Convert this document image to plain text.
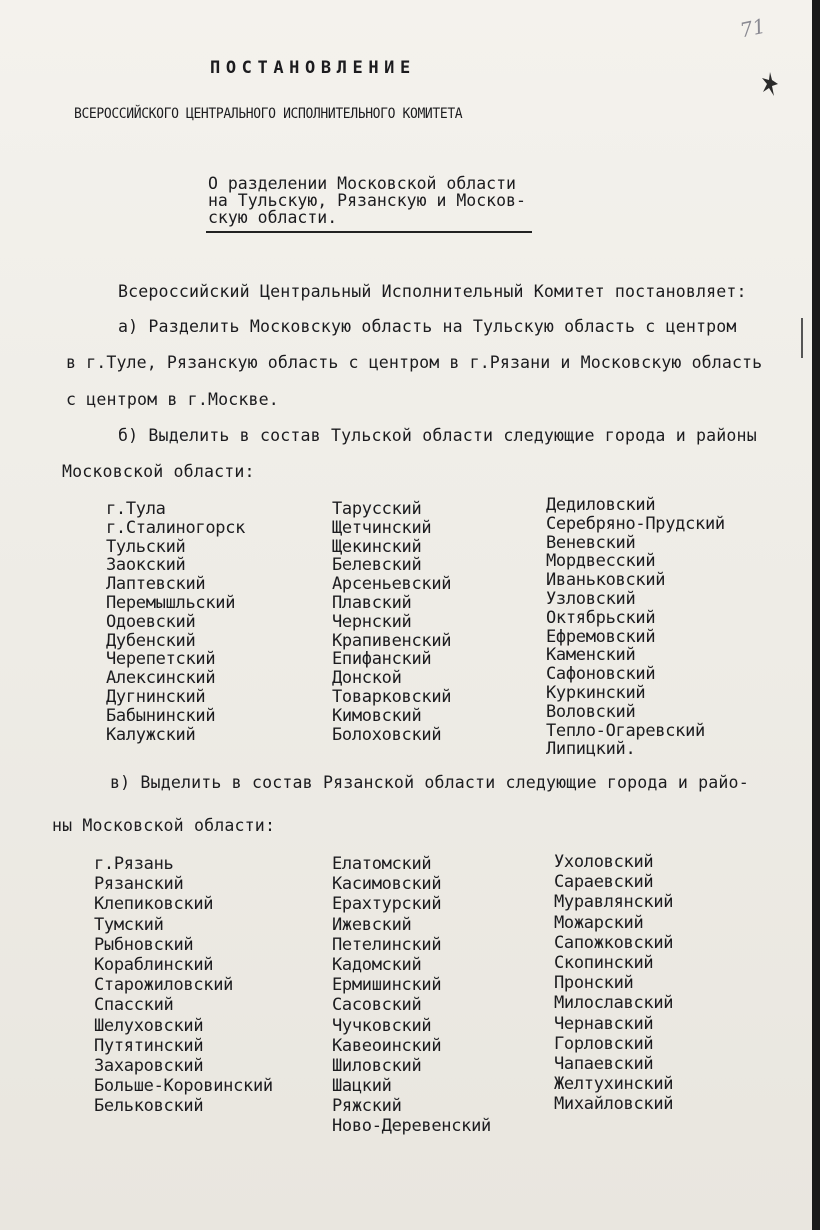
71
ПОСТАНОВЛЕНИЕ
ВСЕРОССИЙСКОГО ЦЕНТРАЛЬНОГО ИСПОЛНИТЕЛЬНОГО КОМИТЕТА
О разделении Московской области
на Тульскую, Рязанскую и Москов-
скую области.
Всероссийский Центральный Исполнительный Комитет постановляет:
а) Разделить Московскую область на Тульскую область с центром
в г.Туле, Рязанскую область с центром в г.Рязани и Московскую область
с центром в г.Москве.
б) Выделить в состав Тульской области следующие города и районы
Московской области:
г.Тула
г.Сталиногорск
Тульский
Заокский
Лаптевский
Перемышльский
Одоевский
Дубенский
Черепетский
Алексинский
Дугнинский
Бабынинский
Калужский
Тарусский
Щетчинский
Щекинский
Белевский
Арсеньевский
Плавский
Чернский
Крапивенский
Епифанский
Донской
Товарковский
Кимовский
Болоховский
Дедиловский
Серебряно-Прудский
Веневский
Мордвесский
Иваньковский
Узловский
Октябрьский
Ефремовский
Каменский
Сафоновский
Куркинский
Воловский
Тепло-Огаревский
Липицкий.
в) Выделить в состав Рязанской области следующие города и райо-
ны Московской области:
г.Рязань
Рязанский
Клепиковский
Тумский
Рыбновский
Кораблинский
Старожиловский
Спасский
Шелуховский
Путятинский
Захаровский
Больше-Коровинский
Бельковский
Елатомский
Касимовский
Ерахтурский
Ижевский
Петелинский
Кадомский
Ермишинский
Сасовский
Чучковский
Кавеоинский
Шиловский
Шацкий
Ряжский
Ново-Деревенский
Ухоловский
Сараевский
Муравлянский
Можарский
Сапожковский
Скопинский
Пронский
Милославский
Чернавский
Горловский
Чапаевский
Желтухинский
Михайловский
